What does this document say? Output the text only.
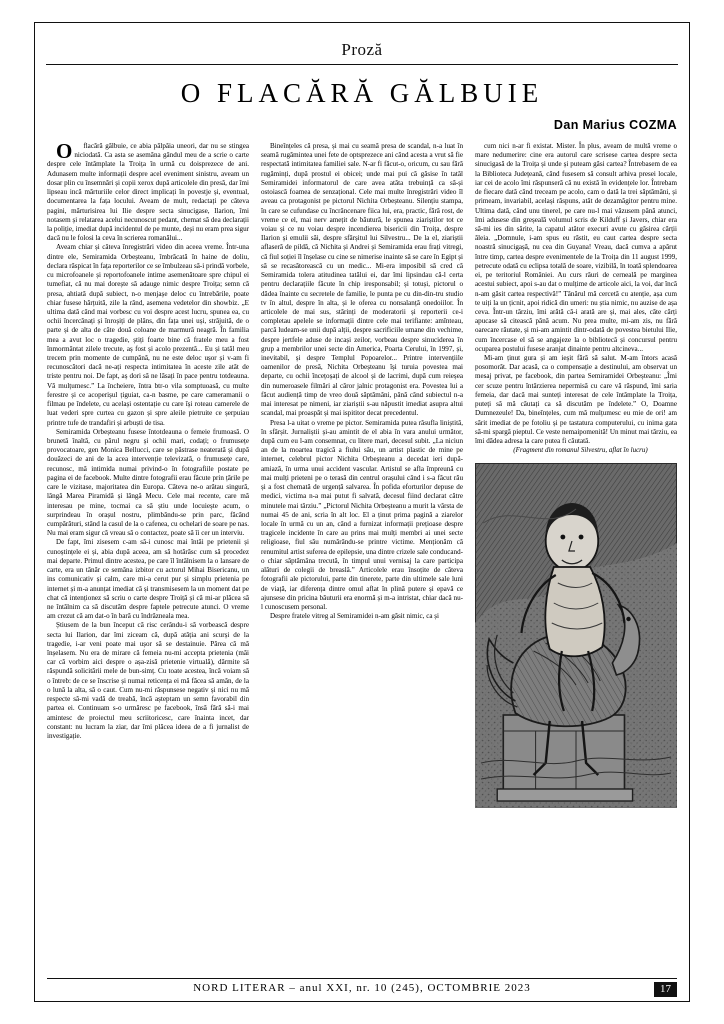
Proză
O FLACĂRĂ GĂLBUIE
Dan Marius COZMA

Oflacără gălbuie, ce abia pâlpâia uneori, dar nu se stingea niciodată. Ca asta se asemăna gândul meu de a scrie o carte despre cele întâmplate la Troița în urmă cu doisprezece de ani. Adunasem multe informații despre acel eveniment sinistru, aveam un dosar plin cu însemnări și copii xerox după articolele din presă, dar îmi lipseau incă mărturiile celor direct implicați în povestje și, eventual, documentarea la fața locului. Aveam de mult, redactați pe câteva pagini, mărturisirea lui Ilie despre secta sinucigase, Ilarion, îmi notasem și relatarea acelui necunoscut pedant, chemat să dea declarații la poliție, imediat după incidentul de pe munte, deși nu eram prea sigur dacă nu le folosi la ceva în scrierea romanălui...

Aveam chiar și câteva înregistrări video din aceea vreme. Într-una dintre ele, Semiramida Orbeșteanu, îmbrăcată în haine de doliu, declara răspicat în fața reporterilor ce se îmbulzeau să-i prindă vorbele, cu microfoanele și reportofoanele intime asemenătoare spre chipul ei tumefiat, că nu mai dorește să adauge nimic despre Troița; semn că presa, ahtiată după subiect, n-o menjașe deloc cu întrebările, poate chiar fusese hărțuită, zile la rând, asemena vedetelor din showbiz. „E ultima dată când mai vorbesc cu voi despre acest lucru, spunea ea, cu ochii încercănați și înroșiți de plâns, din fața unei uși, străjuită, de o parte și de alta de câte două coloane de marmură neagră. În familia mea a avut loc o tragedie, știți foarte bine că fratele meu a fost înmormântat zilele trecute, aș fost și acolo prezentă... Eu și tatăl meu trecem prin momente de cumpănă, nu ne este deloc ușor și v-am fi recunoscători dacă ne-ați respecta intimitatea în aceste zile atât de triste pentru noi. De fapt, aș dori să ne lăsați în pace pentru totdeauna. Vă mulțumesc.” La încheiere, întra btr-o vila somptuoasă, cu multe ferestre și ce acoperișul țiguiat, ca-n basme, pe care cameramanii o filmau pe îndelete, cu același ostentație cu care își roteau camerele de luat vederi spre curtea cu gazon și spre aleile pietruite ce șerpuiau printre tufe de trandafiri și arbuști de tisa.

Semiramida Orbeșteanu fusese întotdeauna o femeie frumoasă. O brunetă înaltă, cu părul negru și ochii mari, codați; o frumusețe provocatoare, gen Monica Bellucci, care se păstrase neaterată și după douăzeci de ani de la acea intervenție televizată, o frumusețe care, recunosc, mă intimida numai privind-o în fotografiile postate pe pagina ei de facebook. Multe dintre fotografii erau făcute prin țările pe care le vizitase, majoritatea din Europa. Câteva ne-o arătau singură, lângă Marea Piramidă și lângă Mecu. Cele mai recente, care mă interesau pe mine, tocmai ca să știu unde locuiește acum, o surprindeau în orașul nostru, plimbându-se prin parc, făcând cumpărături, stând la casul de la o cafenea, cu ochelari de soare pe nas. Nu mai eram sigur că vreau să o contactez, poate să îi cer un interviu.

De fapt, îmi zisesem c-am să-i cunosc mai întâi pe prietenii și cunoștințele ei și, abia după aceea, am să hotărăsc cum să procedez mai departe. Primul dintre acestea, pe care îl întâlnisem la o lansare de carte, era un tânăr ce semăna izbitor cu actorul Mihai Bisericanu, un ins comunicativ și calm, care mi-a cerut pur și simplu prietenia pe internet și m-a anunțat imediat că și transmisesem la un moment dat pe chat că intenționez să scriu o carte despre Troiță și că mi-ar plăcea să ne întâlnim ca să discutăm despre faptele petrecute atunci. O vreme am crezut că am dat-o în bară cu îndrăzneala mea.

Știusem de la bun început că risc cerându-i să vorbească despre secta lui Ilarion, dar îmi ziceam că, după atâția ani scurși de la tragedie, i-ar veni poate mai ușor să se destainuie. Părea că mă înșelasem. Nu era de mirare că femeia nu-mi accepta prietenia (măi car că vorbim aici despre o așa-zisă prietenie virtuală), dărmite să răspundă solicitării mele de bun-simț. Cu toate acestea, încă voiam să o întreb: de ce se înscrise și numai reticența ei mă făcea să amân, de la o lună la alta, să o caut. Cum nu-mi răspunsese negativ și nici nu mă respecte să-mi vadă de treabă, încă așteptam un semn favorabil din partea ei. Continuam s-o urmăresc pe facebook, însă fără să-i mai amintesc de proiectul meu scriitoricesc, care înainta incet, dar constant: nu lucram la ziar, dar îmi plăcea ideea de a fi jurnalist de investigație.

Bineînțeles că presa, și mai cu seamă presa de scandal, n-a luat în seamă rugămintea unei fete de optsprezece ani când acesta a vrut să fie respectată intimitatea familiei sale. N-ar fi făcut-o, oricum, cu sau fără rugăminți, după prostul ei obicei; unde mai pui că găsise în tatăl Semiramidei informatorul de care avea atâta trebuință ca să-și ostoiască foamea de senzațional. Cele mai multe înregistrări video îl aveau ca protagonist pe pictorul Nichita Orbeșteanu. Silențiu stampa, în care se cufundase cu încrâncenare fiica lui, era, practic, fără rost, de vreme ce el, mai nerv amețit de băutură, le spunea ziariștilor tot ce voiau și ce nu voiau despre incendierea bisericii din Troița, despre Ilarion și emulii săi, despre sfârșitul lui Silvestru... De la el, ziariștii aflaseră de pildă, că Nichita și Andrei și Semiramida erau frați vitregi, că fiul soției îl înșelase cu cine se nimerise inainte să se care în Egipt și să se recasătorească cu un medic... Mi-era imposibil să cred că Semiramida tolera atitudinea tatălui ei, dar îmi lipsindau că-l certa pentru declarațiile făcute în chip iresponsabil; și totuși, pictorul o dădea înainte cu secretele de familie, le punta pe cu din-din-tru studio tv în altul, despre în alta, și le oferea cu nonsalanță onedoiilor. În articolele de mai sus, stărinți de moderatorii și reporterii ce-i completau apelele se informații dintre cele mai terifiante: amînteau, parcă ludeam-se unii după alții, despre sacrificiile umane din vechime, despre jertfele aduse de incași zeilor, vorbeau despre sinuciderea în grup a membrilor unei secte din America, Poarta Cerului, în 1997, și, inevitabil, și despre Templul Popoarelor... Printre intervențiile oamenilor de presă, Nichita Orbeșteanu își turuia povestea mai departe, cu ochii încețoșați de alcool și de lacrimi, după cum reieșea din numeroasele filmări al căror jalnic protagonist era. Povestea lui a făcut audiență timp de vreo două săptămâni, până când subiectul n-a mai interesat pe nimeni, iar ziariștii s-au năpustit imediat asupra altui scandal, mai proaspăt și mai ispititor decat precedentul.

Presa l-a uitat o vreme pe pictor. Semiramida putea răsufla liniștită, în sfârșit. Jurnaliștii și-au amintit de el abia în vara anului următor, după cum eu l-am consemnat, cu litere mari, decesul subit. „La niciun an de la moartea tragică a fiului său, un artist plastic de mine pe internet, celebrul pictor Nichita Orbeșteanu a decedat ieri după-amiază, în urma unui accident vascular. Artistul se afla împreună cu mai mulți prieteni pe o terasă din centrul orașului când i s-a făcut rău și a fost chemată de urgență salvarea. În pofida eforturilor depuse de medici, victima n-a mai putut fi salvată, decesul fiind declarat către minutele mai târziu.” „Pictorul Nichita Orbeșteanu a murit la vârsta de numai 45 de ani, scria în alt loc. El a ținut prima pagină a ziarelor locale în urmă cu un an, când a furnizat informații prețioase despre tragicele incidente în care au prins mai mulți membri ai unei secte religioase, fiul său numărându-se printre victime. Menționăm că renumitul artist suferea de epilepsie, una dintre crizele sale conducand-o chiar săptămâna trecută, în timpul unui vernisaj la care participa alături de colegii de breaslă.” Articolele erau însoțite de câteva fotografii ale pictorului, parte din tinerete, parte din ultimele sale luni de viață, iar diferența dintre omul aflat în plină putere și epavă ce ajunsese din pricina băuturii era enormă și m-a intristat, chiar dacă nu-l cunoscusem personal.

Despre fratele vitreg al Semiramidei n-am găsit nimic, ca și

cum nici n-ar fi existat. Mister. În plus, aveam de multă vreme o mare nedumerire: cine era autorul care scrisese cartea despre secta sinucigasă de la Troița și unde și puteam găsi cartea? Întrebasem de ea la Biblioteca Județeană, când fusesem să consult arhiva presei locale, iar cei de acolo îmi răspunseră că nu există în evidențele lor. Întrebam de fiecare dată când treceam pe acolo, cam o dată la trei săptămâni, și primeam, invariabil, același răspuns, atât de dezamăgitor pentru mine. Ultima dată, când unu tinerel, pe care nu-l mai văzusem până atunci, îmi adusese din greșeală volumul scris de Kilduff și Javers, chiar era să-mi ies din sărite, la capatul atător execuri avute cu găsirea cărții ăleia. „Domnule, i-am spus eu răstit, eu caut cartea despre secta noastră sinucigașă, nu cea din Guyana! Vreau, dacă cumva a apărut între timp, cartea despre evenimentele de la Troița din 11 august 1999, petrecute odată cu eclipsa totală de soare, vizibilă, în toată splendoarea ei, pe teritoriul României. Au curs râuri de cerneală pe marginea acestui subiect, apoi s-au dat o mulțime de articole aici, la voi, dar încă n-am găsit cartea respectivă!” Tânărul mă cercetă cu atenție, așa cum te uiți la un țicnit, apoi ridică din umeri: nu știa nimic, nu auzise de așa ceva. Într-un târziu, îmi arătă că-i arată are și, mai ales, căte cârți apucase să citească până acum. Nu prea multe, mi-am zis, nu fără oarecare răutate, și mi-am amintit dintr-odată de povestea bietului Ilie, cum încercase el să se angajeze la o bibliotecă și concursul pentru ocuparea postului fusese aranjat dinainte pentru altcineva...

Mi-am ținut gura și am ieșit fără să salut. M-am întors acasă posomorât. Dar acasă, ca o compensație a destinului, am observat un mesaj privat, pe facebook, din partea Semiramidei Orbeșteanu: „Îmi cer scuze pentru întârzierea nepermisă cu care vă răspund, îmi saria femeia, dar dacă mai sunteți interesat de cele întâmplate la Troița, puteți să mă căutați ca să discutăm pe îndelete.” O, Doamne Dumnezeule! Da, bineînțeles, cum mă mulțumesc eu mie de ori! am sărit imediat de pe fotoliu și pe tastatura computerului, cu inima gata să-mi spargă pieptul. Ce veste nemaipomenită! Un minut mai târziu, ea îmi dădea adresa la care putea fi căutată.

(Fragment din romanul Silvestru, aflat în lucru)

NORD LITERAR – anul XXI, nr. 10 (245), OCTOMBRIE 2023	17
